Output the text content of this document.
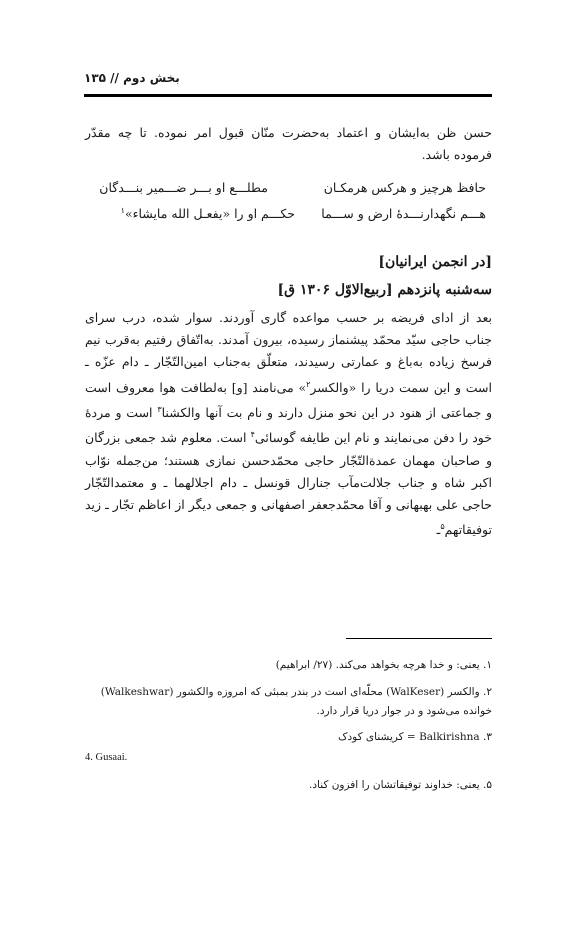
بخش دوم // ۱۳۵
حسن ظن به‌ایشان و اعتماد به‌حضرت منّان قبول امر نموده. تا چه مقدّر فرموده باشد.
حافظ هرچیز و هرکس هرمکـان
مطلـــع او بـــر ضـــمیر بنـــدگان
هـــم نگهدارنـــدهٔ ارض و ســـما
حکـــم او را «یفعـل الله مایشاء»$^۱$
[در انجمن ایرانیان]
سه‌شنبه پانزدهم [ربیع‌الاوّل ۱۳۰۶ ق]
بعد از ادای فریضه بر حسب مواعده گاری آوردند. سوار شده، درب سرای جناب حاجی سیّد محمّد پیشنماز رسیده، بیرون آمدند. به‌اتّفاق رفتیم به‌قرب نیم فرسخ زیاده به‌باغ و عمارتی رسیدند، متعلّق به‌جناب امین‌التّجّار ـ دام عزّه ـ است و این سمت دریا را «والکسر$^۲$» می‌نامند [و] به‌لطافت هوا معروف است و جماعتی از هنود در این نحو منزل دارند و نام بت آنها والکشنا$^۳$ است و مردهٔ خود را دفن می‌نمایند و نام این طایفه گوسائی$^۴$ است. معلوم شد جمعی بزرگان و صاحبان مهمان عمدةالتّجّار حاجی محمّدحسن نمازی هستند؛ من‌جمله نوّاب اکبر شاه و جناب جلالت‌مآب جنارال قونسل ـ دام اجلالهما ـ و معتمدالتّجّار حاجی علی بهبهانی و آقا محمّدجعفر اصفهانی و جمعی دیگر از اعاظم تجّار ـ زید توفیقاتهم$^۵$ـ
۱. یعنی: و خدا هرچه بخواهد می‌کند. (۲۷/ ابراهیم)
۲. والکسر (WalKeser) محلّه‌ای است در بندر بمبئی که امروزه والکشور (Walkeshwar) خوانده می‌شود و در جوار دریا قرار دارد.
۳. Balkirishna = کریشنای کودک
4. Gusaai.
۵. یعنی: خداوند توفیقاتشان را افزون کناد.
